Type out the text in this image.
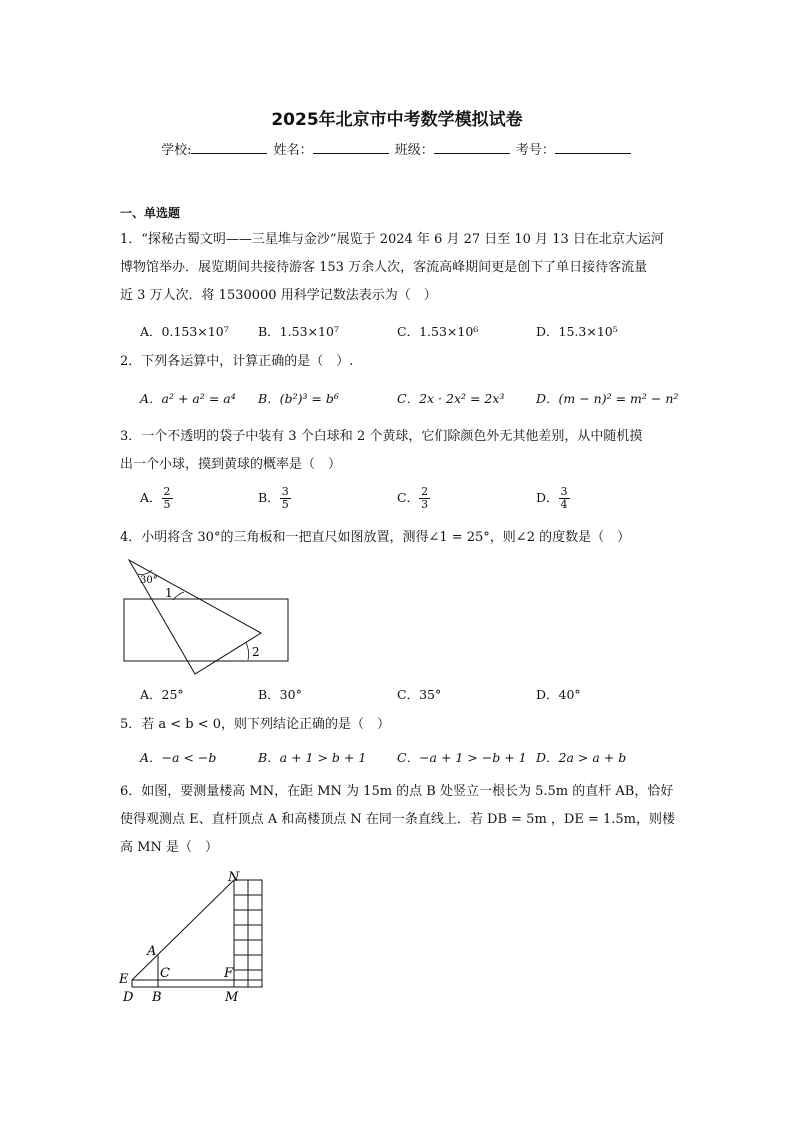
2025年北京市中考数学模拟试卷
学校:	姓名：	班级：	考号：
一、单选题
1．“探秘古蜀文明——三星堆与金沙”展览于 2024 年 6 月 27 日至 10 月 13 日在北京大运河
博物馆举办．展览期间共接待游客 153 万余人次，客流高峰期间更是创下了单日接待客流量
近 3 万人次．将 1530000 用科学记数法表示为（　）
A．0.153×10⁷ B．1.53×10⁷	C．1.53×10⁶	D．15.3×10⁵
2．下列各运算中，计算正确的是（　）.
A．a² + a² = a⁴ B．(b²)³ = b⁶	C．2x · 2x² = 2x³	D．(m − n)² = m² − n²
3．一个不透明的袋子中装有 3 个白球和 2 个黄球，它们除颜色外无其他差别，从中随机摸
出一个小球，摸到黄球的概率是（　）
A． $\frac{2}{5}$	B． $\frac{3}{5}$	C． $\frac{2}{3}$	D． $\frac{3}{4}$
4．小明将含 30°的三角板和一把直尺如图放置，测得∠1 = 25°，则∠2 的度数是（　）
30°
1
2
A．25°	B．30°	C．35°	D．40°
5．若 a < b < 0，则下列结论正确的是（　）
A．−a < −b	B．a + 1 > b + 1 C．−a + 1 > −b + 1 D．2a > a + b
6．如图，要测量楼高 MN，在距 MN 为 15m 的点 B 处竖立一根长为 5.5m 的直杆 AB，恰好
使得观测点 E、直杆顶点 A 和高楼顶点 N 在同一条直线上．若 DB = 5m ，DE = 1.5m，则楼
高 MN 是（　）
N
A
E C	F
D B	M
